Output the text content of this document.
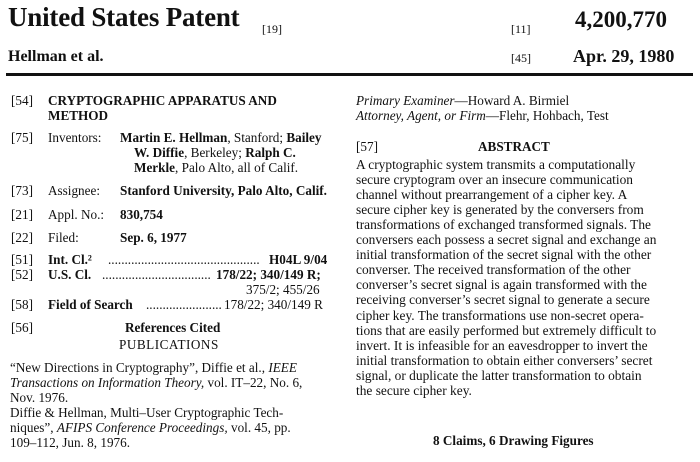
United States Patent [19]	[11] 4,200,770
Hellman et al.	[45] Apr. 29, 1980
[54] CRYPTOGRAPHIC APPARATUS AND
METHOD
[75] Inventors: Martin E. Hellman, Stanford; Bailey
W. Diffie, Berkeley; Ralph C.
Merkle, Palo Alto, all of Calif.
[73] Assignee: Stanford University, Palo Alto, Calif.
[21] Appl. No.: 830,754
[22] Filed:	Sep. 6, 1977
[51] Int. Cl.² .............................................. H04L 9/04
[52] U.S. Cl. ................................. 178/22; 340/149 R;
375/2; 455/26
[58] Field of Search ....................... 178/22; 340/149 R
[56]	References Cited
PUBLICATIONS
“New Directions in Cryptography”, Diffie et al., IEEE
Transactions on Information Theory, vol. IT–22, No. 6,
Nov. 1976.
Diffie & Hellman, Multi–User Cryptographic Tech-
niques”, AFIPS Conference Proceedings, vol. 45, pp.
109–112, Jun. 8, 1976.
Primary Examiner—Howard A. Birmiel
Attorney, Agent, or Firm—Flehr, Hohbach, Test
[57]	ABSTRACT
A cryptographic system transmits a computationally
secure cryptogram over an insecure communication
channel without prearrangement of a cipher key. A
secure cipher key is generated by the conversers from
transformations of exchanged transformed signals. The
conversers each possess a secret signal and exchange an
initial transformation of the secret signal with the other
converser. The received transformation of the other
converser’s secret signal is again transformed with the
receiving converser’s secret signal to generate a secure
cipher key. The transformations use non-secret opera-
tions that are easily performed but extremely difficult to
invert. It is infeasible for an eavesdropper to invert the
initial transformation to obtain either conversers’ secret
signal, or duplicate the latter transformation to obtain
the secure cipher key.
8 Claims, 6 Drawing Figures
